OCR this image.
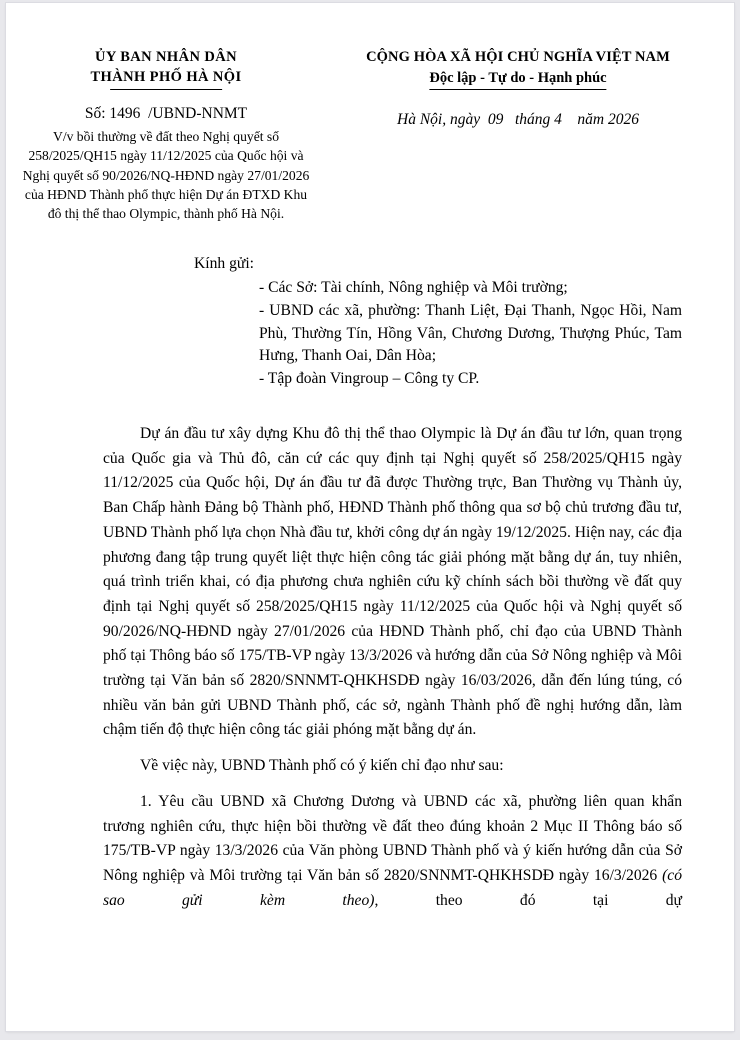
ỦY BAN NHÂN DÂN
THÀNH PHỐ HÀ NỘI
Số: 1496  /UBND-NNMT
V/v bồi thường về đất theo Nghị quyết số 258/2025/QH15 ngày 11/12/2025 của Quốc hội và Nghị quyết số 90/2026/NQ-HĐND ngày 27/01/2026 của HĐND Thành phố thực hiện Dự án ĐTXD Khu đô thị thể thao Olympic, thành phố Hà Nội.
CỘNG HÒA XÃ HỘI CHỦ NGHĨA VIỆT NAM
Độc lập - Tự do - Hạnh phúc
Hà Nội, ngày  09   tháng 4    năm 2026
Kính gửi:
- Các Sở: Tài chính, Nông nghiệp và Môi trường;
- UBND các xã, phường: Thanh Liệt, Đại Thanh, Ngọc Hồi, Nam Phù, Thường Tín, Hồng Vân, Chương Dương, Thượng Phúc, Tam Hưng, Thanh Oai, Dân Hòa;
- Tập đoàn Vingroup – Công ty CP.

Dự án đầu tư xây dựng Khu đô thị thể thao Olympic là Dự án đầu tư lớn, quan trọng của Quốc gia và Thủ đô, căn cứ các quy định tại Nghị quyết số 258/2025/QH15 ngày 11/12/2025 của Quốc hội, Dự án đầu tư đã được Thường trực, Ban Thường vụ Thành ủy, Ban Chấp hành Đảng bộ Thành phố, HĐND Thành phố thông qua sơ bộ chủ trương đầu tư, UBND Thành phố lựa chọn Nhà đầu tư, khởi công dự án ngày 19/12/2025. Hiện nay, các địa phương đang tập trung quyết liệt thực hiện công tác giải phóng mặt bằng dự án, tuy nhiên, quá trình triển khai, có địa phương chưa nghiên cứu kỹ chính sách bồi thường về đất quy định tại Nghị quyết số 258/2025/QH15 ngày 11/12/2025 của Quốc hội và Nghị quyết số 90/2026/NQ-HĐND ngày 27/01/2026 của HĐND Thành phố, chỉ đạo của UBND Thành phố tại Thông báo số 175/TB-VP ngày 13/3/2026 và hướng dẫn của Sở Nông nghiệp và Môi trường tại Văn bản số 2820/SNNMT-QHKHSDĐ ngày 16/03/2026, dẫn đến lúng túng, có nhiều văn bản gửi UBND Thành phố, các sở, ngành Thành phố đề nghị hướng dẫn, làm chậm tiến độ thực hiện công tác giải phóng mặt bằng dự án.

Về việc này, UBND Thành phố có ý kiến chỉ đạo như sau:

1. Yêu cầu UBND xã Chương Dương và UBND các xã, phường liên quan khẩn trương nghiên cứu, thực hiện bồi thường về đất theo đúng khoản 2 Mục II Thông báo số 175/TB-VP ngày 13/3/2026 của Văn phòng UBND Thành phố và ý kiến hướng dẫn của Sở Nông nghiệp và Môi trường tại Văn bản số 2820/SNNMT-QHKHSDĐ ngày 16/3/2026 (có sao gửi kèm theo), theo đó tại dự
